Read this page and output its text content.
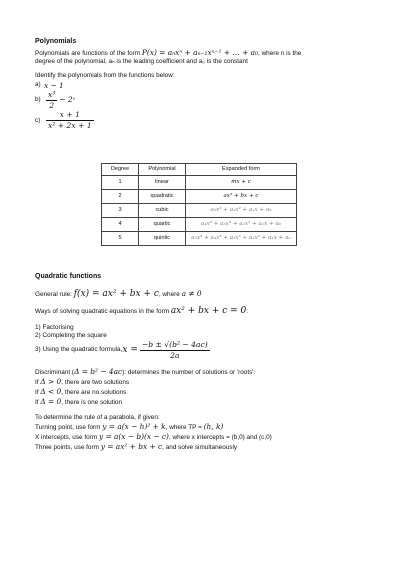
Polynomials

Polynomials are functions of the form P(x) = aₙxⁿ + aₙ₋₁xⁿ⁻¹ + … + a₀, where n is the

degree of the polynomial, aₙ is the leading coefficient and a₀ is the constant

Identify the polynomials from the functions below:

a) x − 1
$b) \frac{\text{x³}}{2}$ − 2ˣ
$c) \frac{x + 1}{\text{x² + 2x + 1}}$
Degree	Polynomial	Expanded form
1	linear	mx + c
2	quadratic	ax² + bx + c
3	cubic	a₃x³ + a₂x² + a₁x + a₀
4	quartic	a₄x⁴ + a₃x³ + a₂x² + a₁x + a₀
5	quintic	a₅x⁵ + a₄x⁴ + a₃x³ + a₂x² + a₁x + a₀
Quadratic functions

General rule: f(x) = ax² + bx + c, where a ≠ 0

Ways of solving quadratic equations in the form ax² + bx + c = 0:

1) Factorising

2) Completing the square

3) Using the quadratic formula, $x = \frac{\text{−b ± √(b² − 4ac)}}{2a}$

Discriminant (Δ = b² − 4ac): determines the number of solutions or 'roots':

If Δ > 0, there are two solutions

If Δ < 0, there are no solutions

If Δ = 0, there is one solution

To determine the rule of a parabola, if given:

Turning point, use form y = a(x − h)² + k, where TP = (h, k)

X intercepts, use form y = a(x − b)(x − c), where x intercepts = (b,0) and (c,0)

Three points, use form y = ax² + bx + c, and solve simultaneously
